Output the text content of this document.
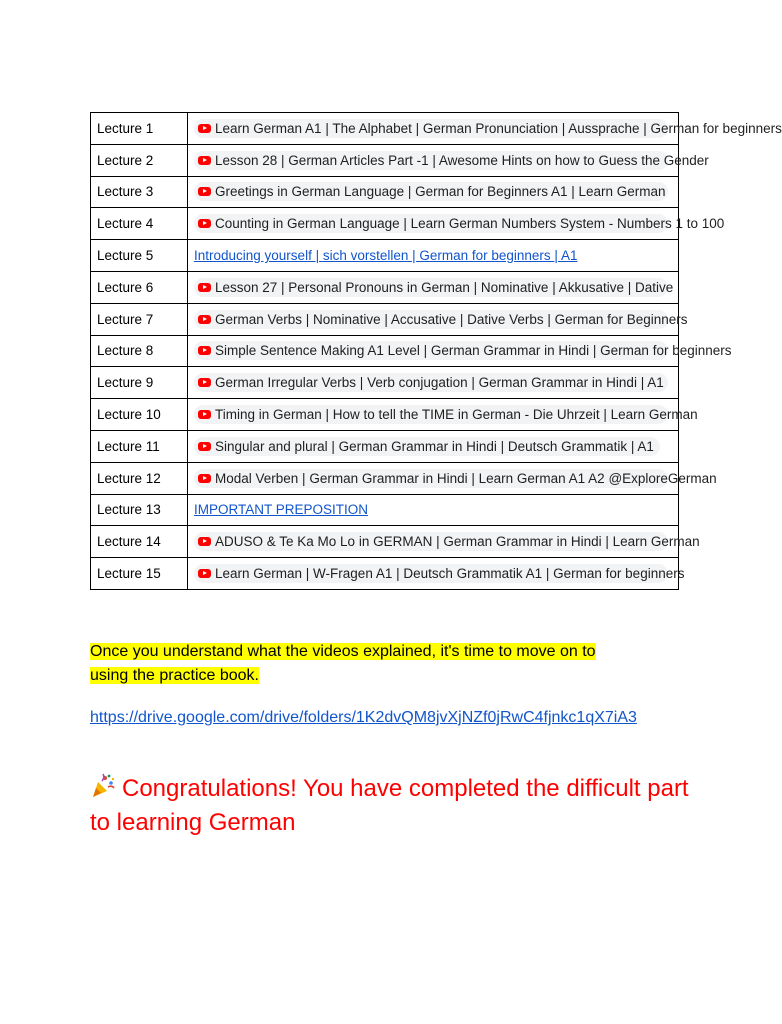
Lecture 1	Learn German A1 | The Alphabet | German Pronunciation | Aussprache | German for beginners

Lecture 2	Lesson 28 | German Articles Part -1 | Awesome Hints on how to Guess the Gender

Lecture 3	Greetings in German Language | German for Beginners A1 | Learn German

Lecture 4	Counting in German Language | Learn German Numbers System - Numbers 1 to 100

Lecture 5	Introducing yourself | sich vorstellen | German for beginners | A1
Lecture 6	Lesson 27 | Personal Pronouns in German | Nominative | Akkusative | Dative

Lecture 7	German Verbs | Nominative | Accusative | Dative Verbs | German for Beginners

Lecture 8	Simple Sentence Making A1 Level | German Grammar in Hindi | German for beginners

Lecture 9	German Irregular Verbs | Verb conjugation | German Grammar in Hindi | A1

Lecture 10	Timing in German | How to tell the TIME in German - Die Uhrzeit | Learn German

Lecture 11	Singular and plural | German Grammar in Hindi | Deutsch Grammatik | A1

Lecture 12	Modal Verben | German Grammar in Hindi | Learn German A1 A2 @ExploreGerman

Lecture 13	IMPORTANT PREPOSITION
Lecture 14	ADUSO & Te Ka Mo Lo in GERMAN | German Grammar in Hindi | Learn German

Lecture 15	Learn German | W-Fragen A1 | Deutsch Grammatik A1 | German for beginners

Once you understand what the videos explained, it's time to move on to
using the practice book.

https://drive.google.com/drive/folders/1K2dvQM8jvXjNZf0jRwC4fjnkc1qX7iA3

Congratulations! You have completed the difficult part to learning German
